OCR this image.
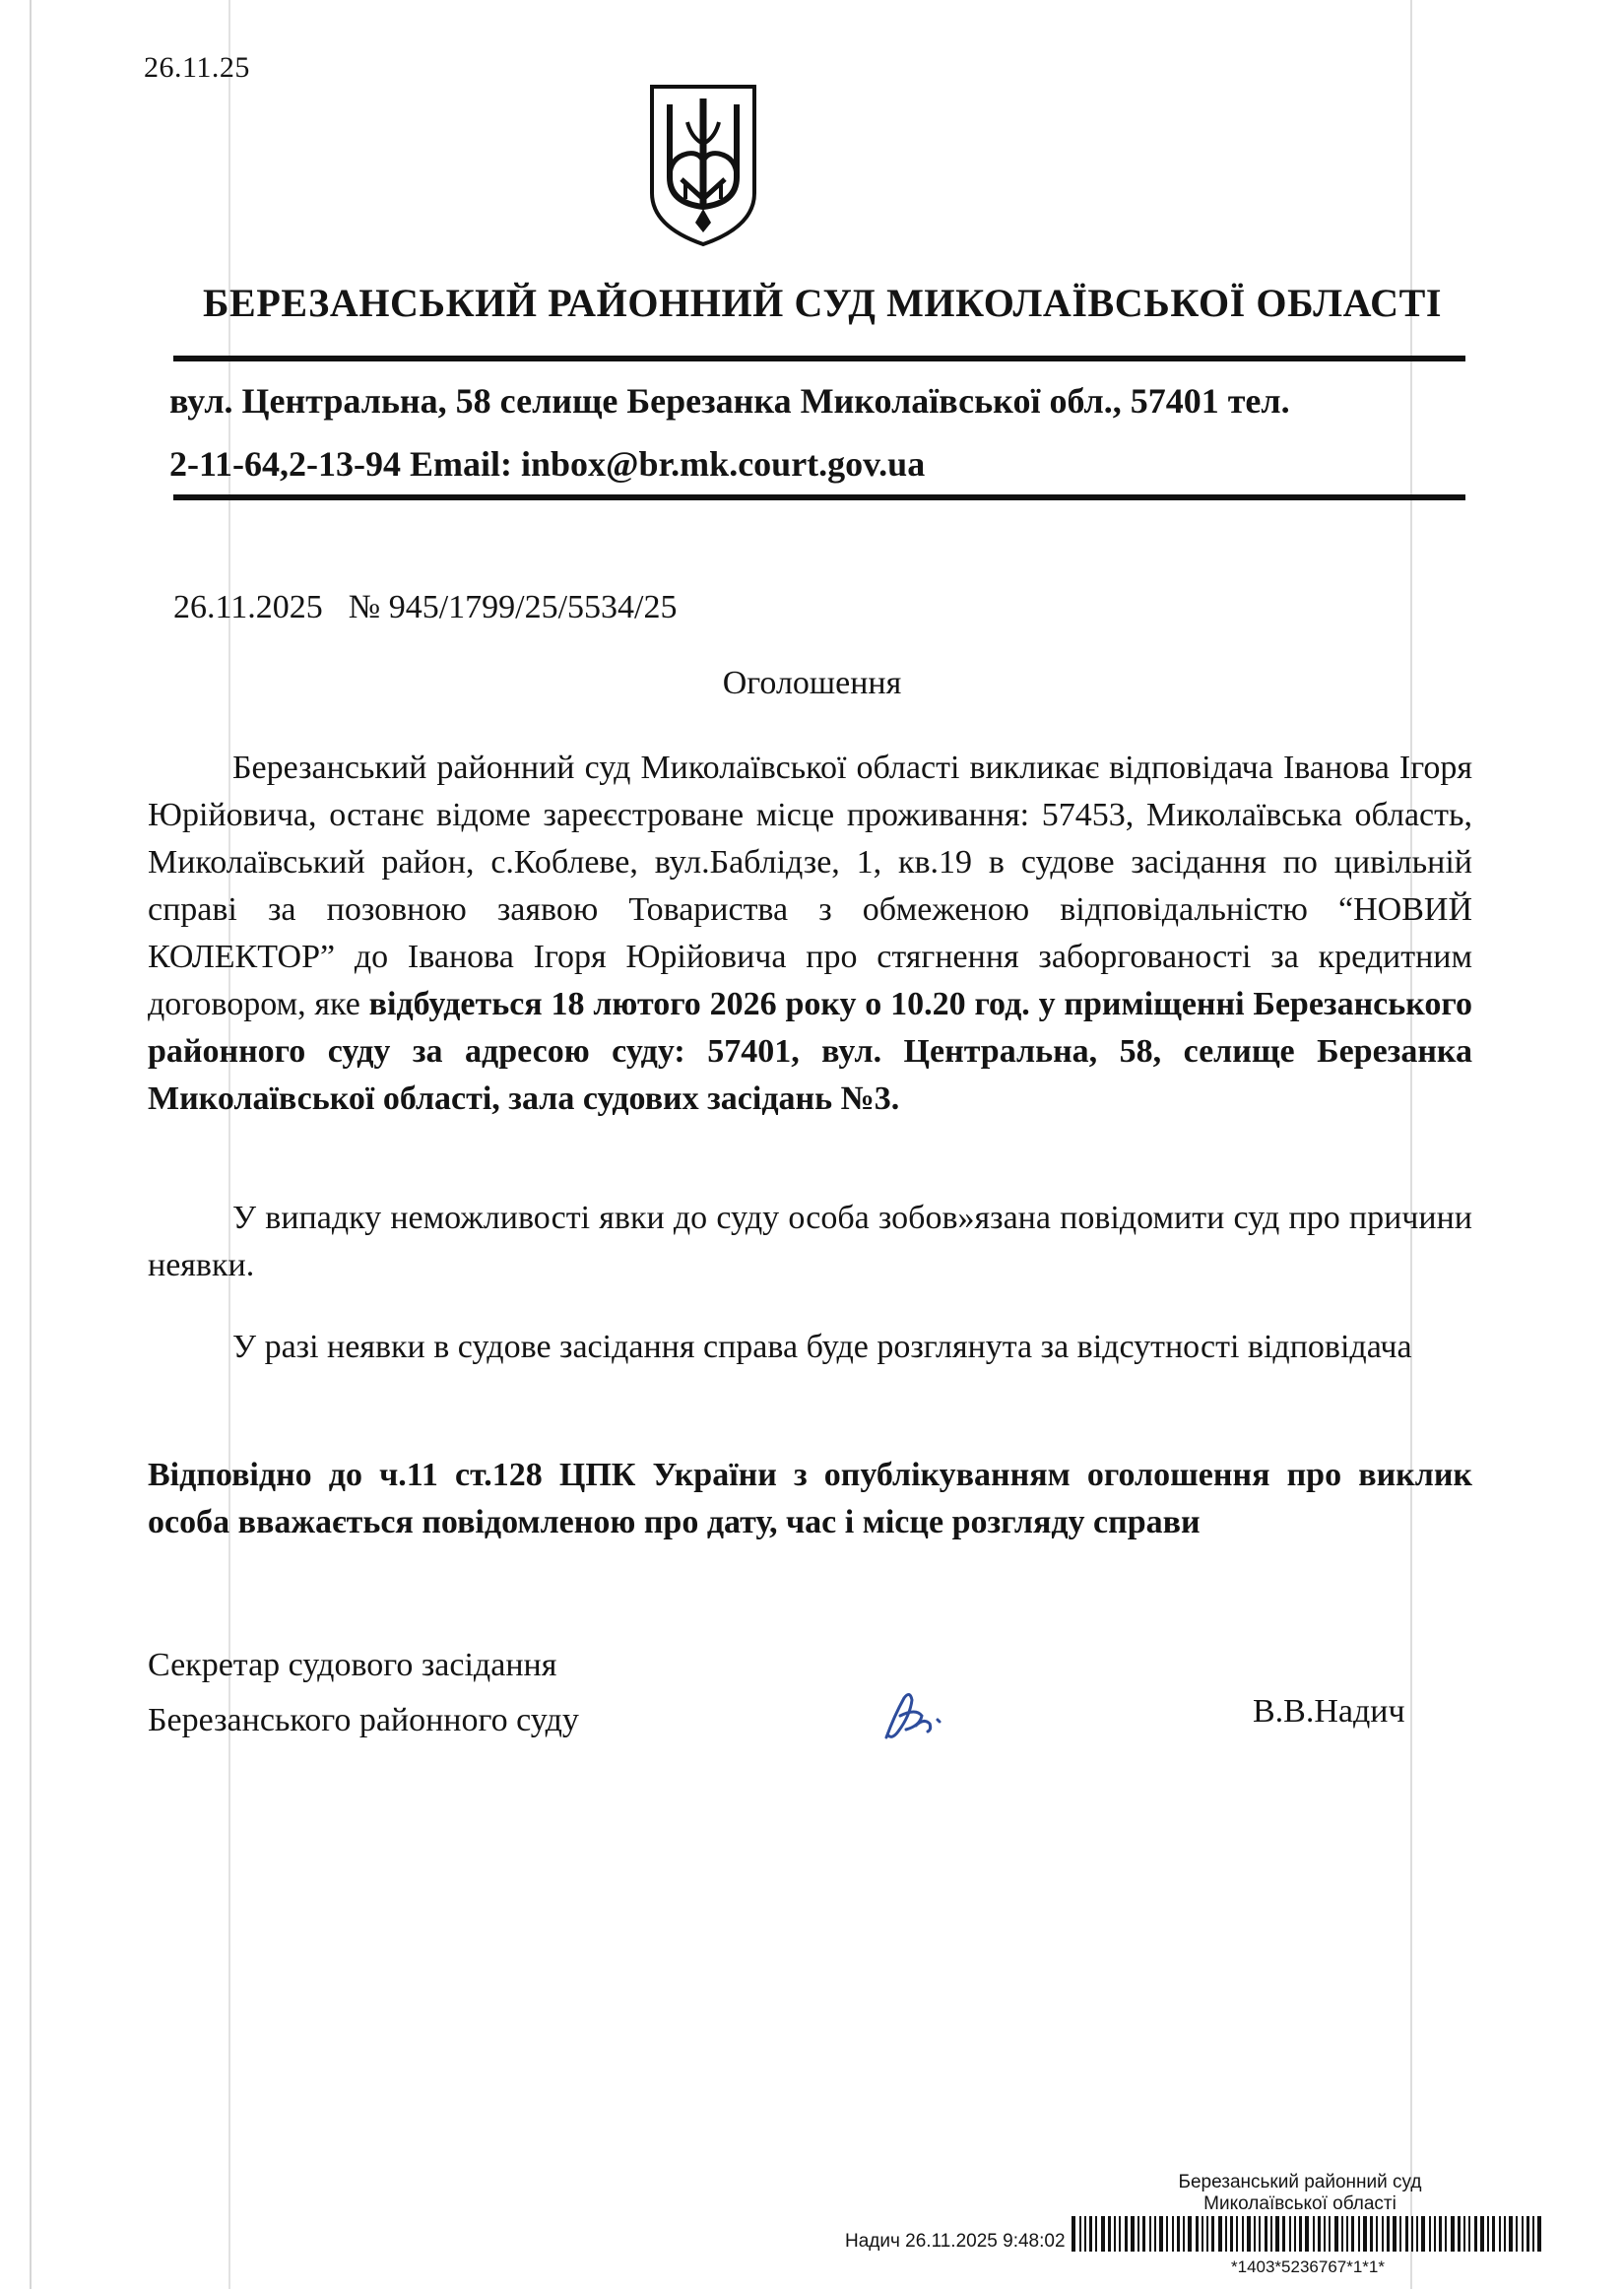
26.11.25
БЕРЕЗАНСЬКИЙ РАЙОННИЙ СУД МИКОЛАЇВСЬКОЇ ОБЛАСТІ
вул. Центральна, 58 селище Березанка Миколаївської обл., 57401 тел.
2-11-64,2-13-94 Email: inbox@br.mk.court.gov.ua
26.11.2025 № 945/1799/25/5534/25
Оголошення

Березанський районний суд Миколаївської області викликає відповідача Іванова Ігоря Юрійовича, останє відоме зареєстроване місце проживання: 57453, Миколаївська область, Миколаївський район, с.Коблеве, вул.Баблідзе, 1, кв.19 в судове засідання по цивільній справі за позовною заявою Товариства з обмеженою відповідальністю “НОВИЙ КОЛЕКТОР” до Іванова Ігоря Юрійовича про стягнення заборгованості за кредитним договором, яке відбудеться 18 лютого 2026 року о 10.20 год. у приміщенні Березанського районного суду за адресою суду: 57401, вул. Центральна, 58, селище Березанка Миколаївської області, зала судових засідань №3.

У випадку неможливості явки до суду особа зобов»язана повідомити суд про причини неявки.

У разі неявки в судове засідання справа буде розглянута за відсутності відповідача

Відповідно до ч.11 ст.128 ЦПК України з опублікуванням оголошення про виклик особа вважається повідомленою про дату, час і місце розгляду справи

Секретар судового засідання
Березанського районного суду	В.В.Надич
Березанський районний суд
Миколаївської області
Надич 26.11.2025 9:48:02
*1403*5236767*1*1*
